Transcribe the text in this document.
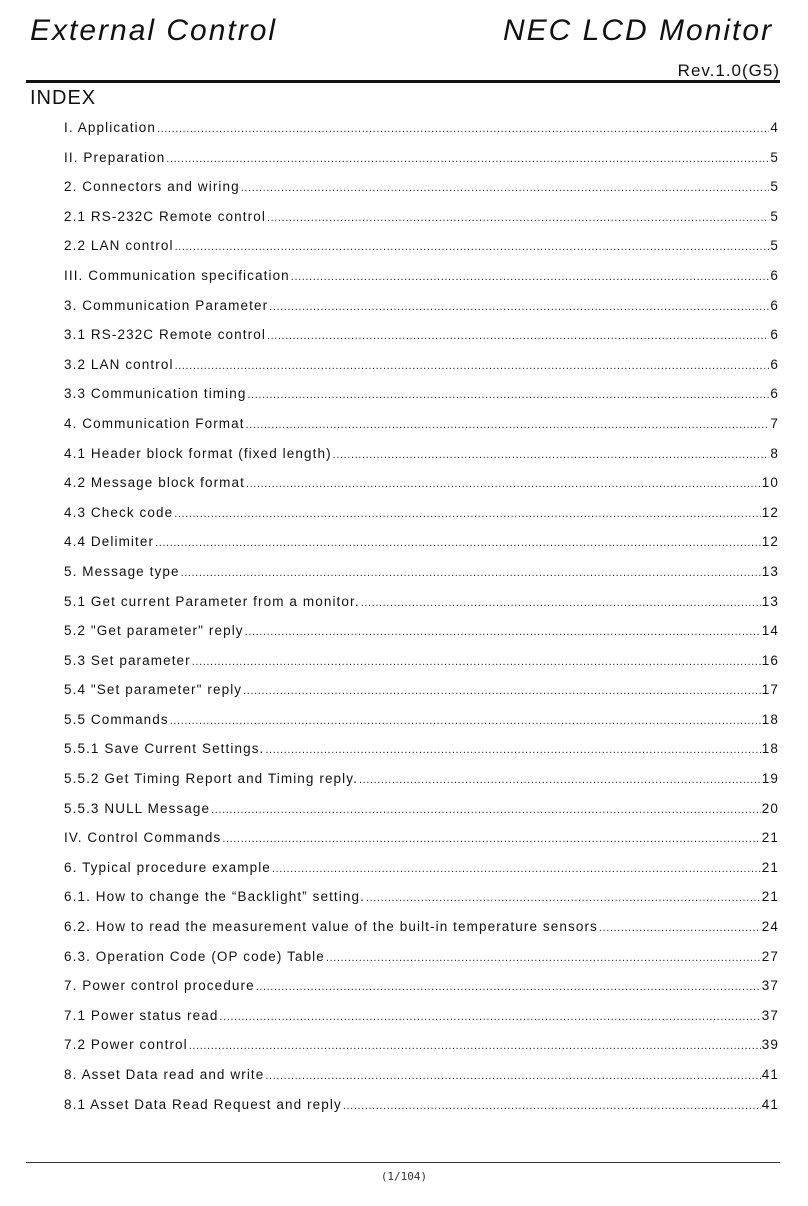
External Control	NEC LCD Monitor
Rev.1.0(G5)
INDEX
I. Application .....	4
II. Preparation .....	5
2. Connectors and wiring .....	5
2.1 RS-232C Remote control .....	5
2.2 LAN control .....	5
III. Communication specification .....	6
3. Communication Parameter .....	6
3.1 RS-232C Remote control .....	6
3.2 LAN control .....	6
3.3 Communication timing .....	6
4. Communication Format .....	7
4.1 Header block format (fixed length) .....	8
4.2 Message block format .....	10
4.3 Check code .....	12
4.4 Delimiter .....	12
5. Message type .....	13
5.1 Get current Parameter from a monitor. .....	13
5.2 "Get parameter" reply .....	14
5.3 Set parameter .....	16
5.4 "Set parameter" reply .....	17
5.5 Commands .....	18
5.5.1 Save Current Settings. .....	18
5.5.2 Get Timing Report and Timing reply. .....	19
5.5.3 NULL Message .....	20
IV. Control Commands .....	21
6. Typical procedure example .....	21
6.1. How to change the “Backlight” setting. .....	21
6.2. How to read the measurement value of the built-in temperature sensors .....	24
6.3. Operation Code (OP code) Table .....	27
7. Power control procedure .....	37
7.1 Power status read .....	37
7.2 Power control .....	39
8. Asset Data read and write .....	41
8.1 Asset Data Read Request and reply .....	41
(1/104)
